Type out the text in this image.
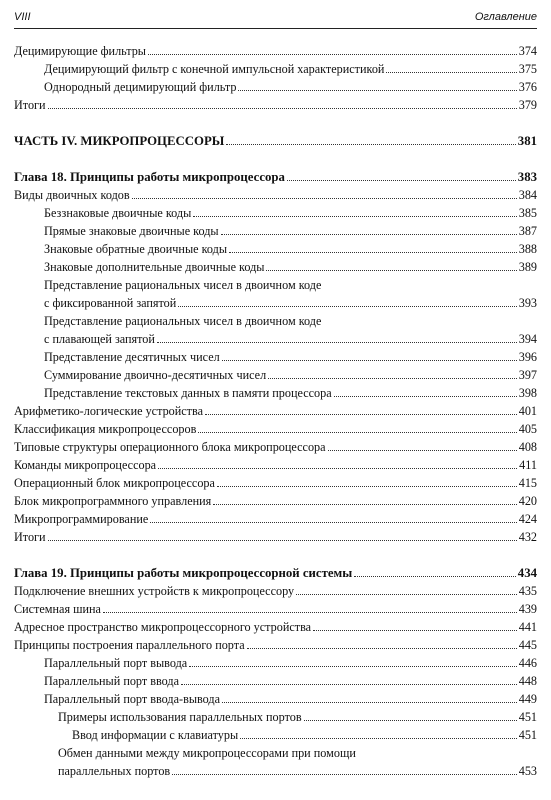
VIII	Оглавление
Децимирующие фильтры	374
Децимирующий фильтр с конечной импульсной характеристикой	375
Однородный децимирующий фильтр	376
Итоги	379
ЧАСТЬ IV. МИКРОПРОЦЕССОРЫ	381
Глава 18. Принципы работы микропроцессора	383
Виды двоичных кодов	384
Беззнаковые двоичные коды	385
Прямые знаковые двоичные коды	387
Знаковые обратные двоичные коды	388
Знаковые дополнительные двоичные коды	389
Представление рациональных чисел в двоичном коде
с фиксированной запятой	393
Представление рациональных чисел в двоичном коде
с плавающей запятой	394
Представление десятичных чисел	396
Суммирование двоично-десятичных чисел	397
Представление текстовых данных в памяти процессора	398
Арифметико-логические устройства	401
Классификация микропроцессоров	405
Типовые структуры операционного блока микропроцессора	408
Команды микропроцессора	411
Операционный блок микропроцессора	415
Блок микропрограммного управления	420
Микропрограммирование	424
Итоги	432
Глава 19. Принципы работы микропроцессорной системы	434
Подключение внешних устройств к микропроцессору	435
Системная шина	439
Адресное пространство микропроцессорного устройства	441
Принципы построения параллельного порта	445
Параллельный порт вывода	446
Параллельный порт ввода	448
Параллельный порт ввода-вывода	449
Примеры использования параллельных портов	451
Ввод информации с клавиатуры	451
Обмен данными между микропроцессорами при помощи
параллельных портов	453
